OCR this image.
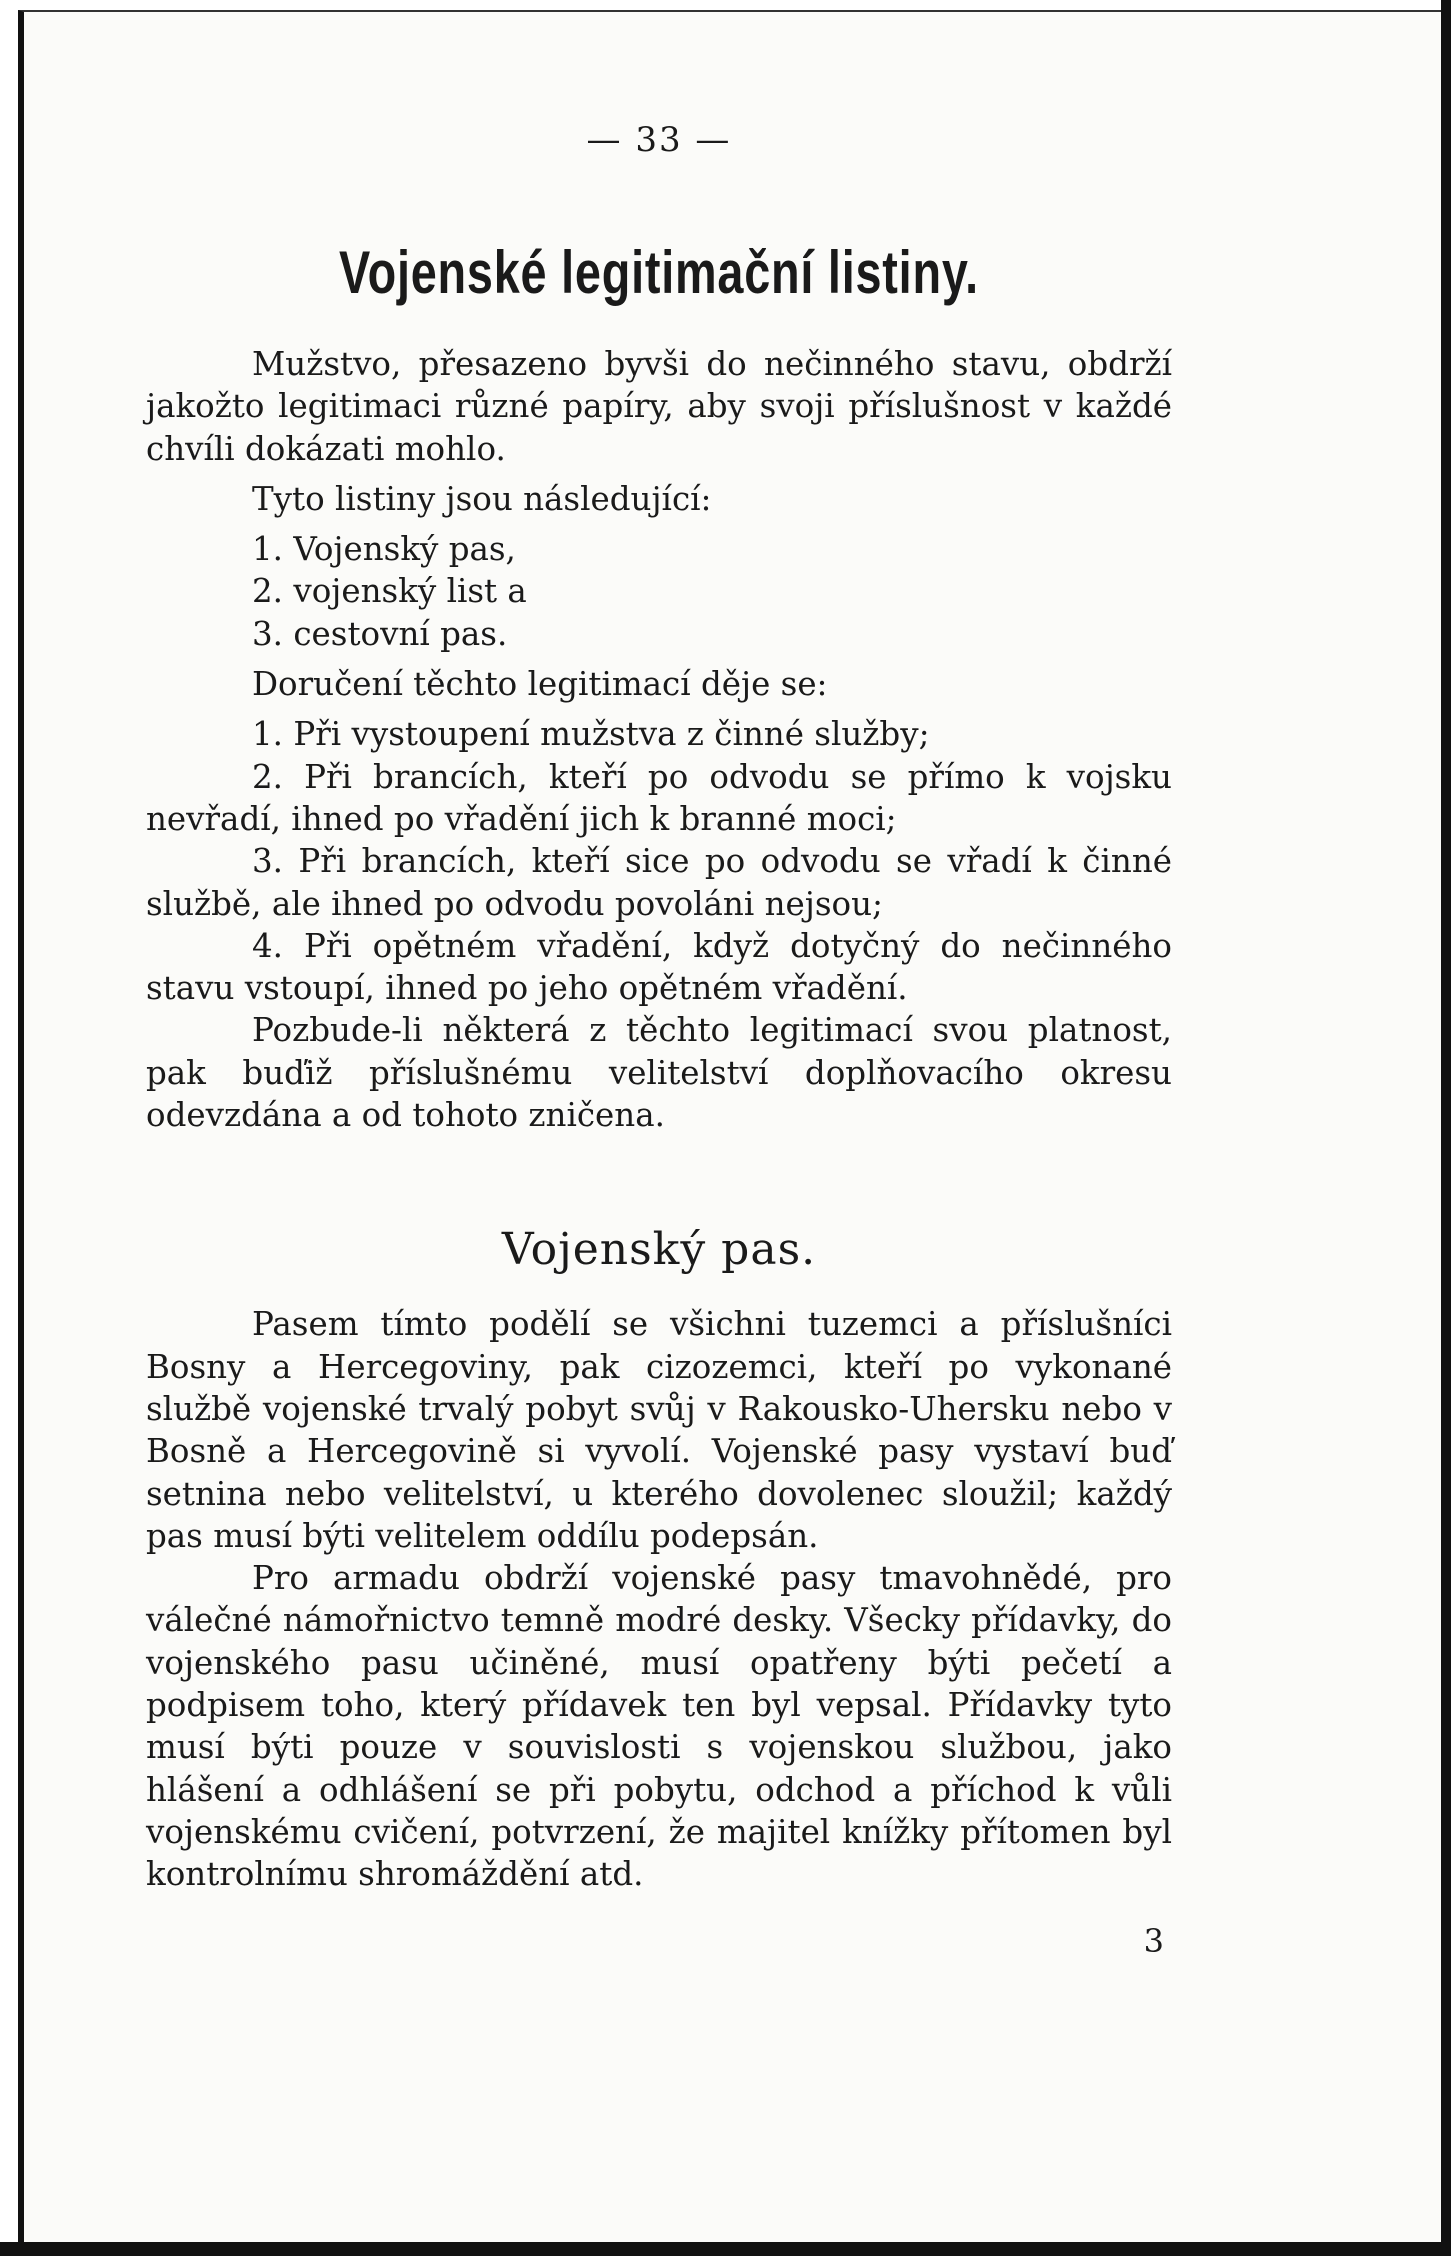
— 33 —
Vojenské legitimační listiny.

Mužstvo, přesazeno byvši do nečinného stavu, obdrží jakožto legitimaci různé papíry, aby svoji příslušnost v každé chvíli dokázati mohlo.

Tyto listiny jsou následující:

1. Vojenský pas,
2. vojenský list a
3. cestovní pas.

Doručení těchto legitimací děje se:

1. Při vystoupení mužstva z činné služby;

2. Při brancích, kteří po odvodu se přímo k vojsku nevřadí, ihned po vřadění jich k branné moci;

3. Při brancích, kteří sice po odvodu se vřadí k činné službě, ale ihned po odvodu povoláni nejsou;

4. Při opětném vřadění, když dotyčný do nečinného stavu vstoupí, ihned po jeho opětném vřadění.

Pozbude-li některá z těchto legitimací svou platnost, pak buďiž příslušnému velitelství doplňovacího okresu odevzdána a od tohoto zničena.

Vojenský pas.

Pasem tímto podělí se všichni tuzemci a příslušníci Bosny a Hercegoviny, pak cizozemci, kteří po vykonané službě vojenské trvalý pobyt svůj v Rakousko-Uhersku nebo v Bosně a Hercegovině si vyvolí. Vojenské pasy vystaví buď setnina nebo velitelství, u kterého dovolenec sloužil; každý pas musí býti velitelem oddílu podepsán.

Pro armadu obdrží vojenské pasy tmavohnědé, pro válečné námořnictvo temně modré desky. Všecky přídavky, do vojenského pasu učiněné, musí opatřeny býti pečetí a podpisem toho, který přídavek ten byl vepsal. Přídavky tyto musí býti pouze v souvislosti s vojenskou službou, jako hlášení a odhlášení se při pobytu, odchod a příchod k vůli vojenskému cvičení, potvrzení, že majitel knížky přítomen byl kontrolnímu shromáždění atd.

3
